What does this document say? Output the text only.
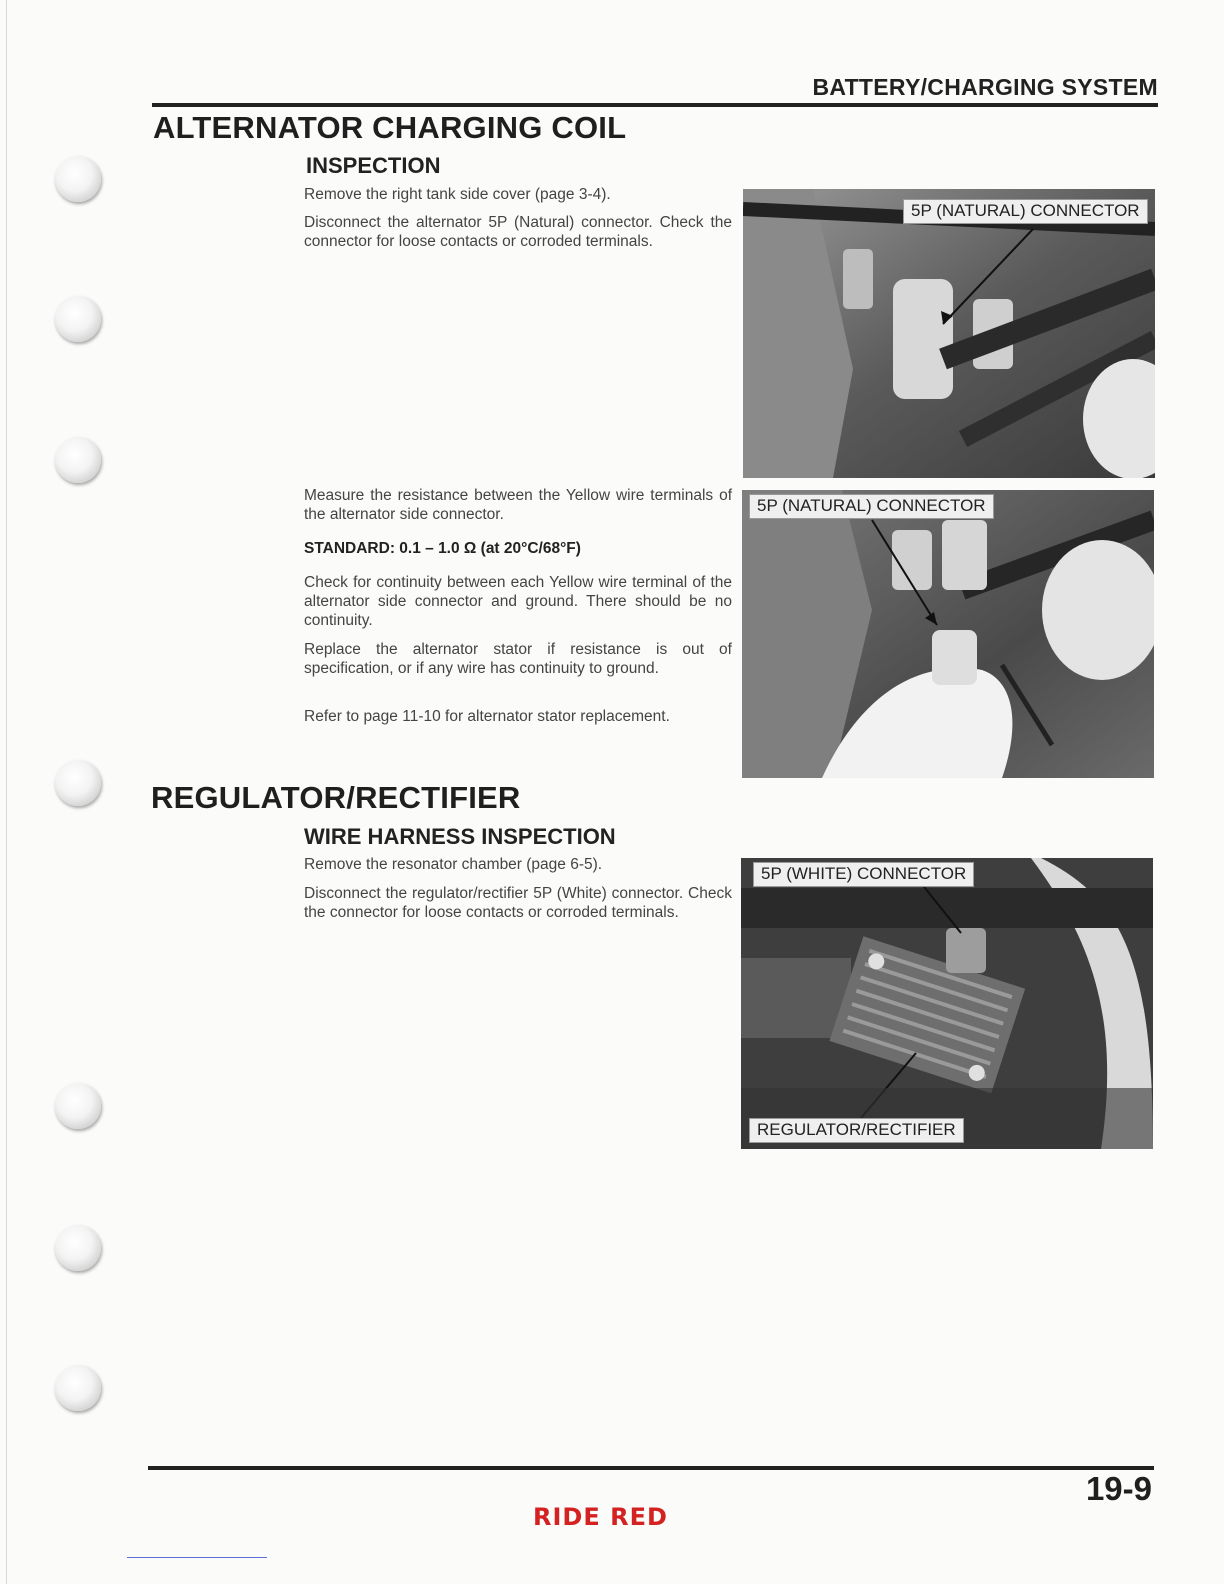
BATTERY/CHARGING SYSTEM
ALTERNATOR CHARGING COIL
INSPECTION

Remove the right tank side cover (page 3-4).

Disconnect the alternator 5P (Natural) connector. Check the connector for loose contacts or corroded terminals.

Measure the resistance between the Yellow wire terminals of the alternator side connector.

STANDARD: 0.1 – 1.0 Ω (at 20°C/68°F)

Check for continuity between each Yellow wire terminal of the alternator side connector and ground. There should be no continuity.

Replace the alternator stator if resistance is out of specification, or if any wire has continuity to ground.

Refer to page 11-10 for alternator stator replacement.

5P (NATURAL) CONNECTOR
5P (NATURAL) CONNECTOR
REGULATOR/RECTIFIER
WIRE HARNESS INSPECTION

Remove the resonator chamber (page 6-5).

Disconnect the regulator/rectifier 5P (White) connector. Check the connector for loose contacts or corroded terminals.

5P (WHITE) CONNECTOR
REGULATOR/RECTIFIER
19-9
RIDE RED
